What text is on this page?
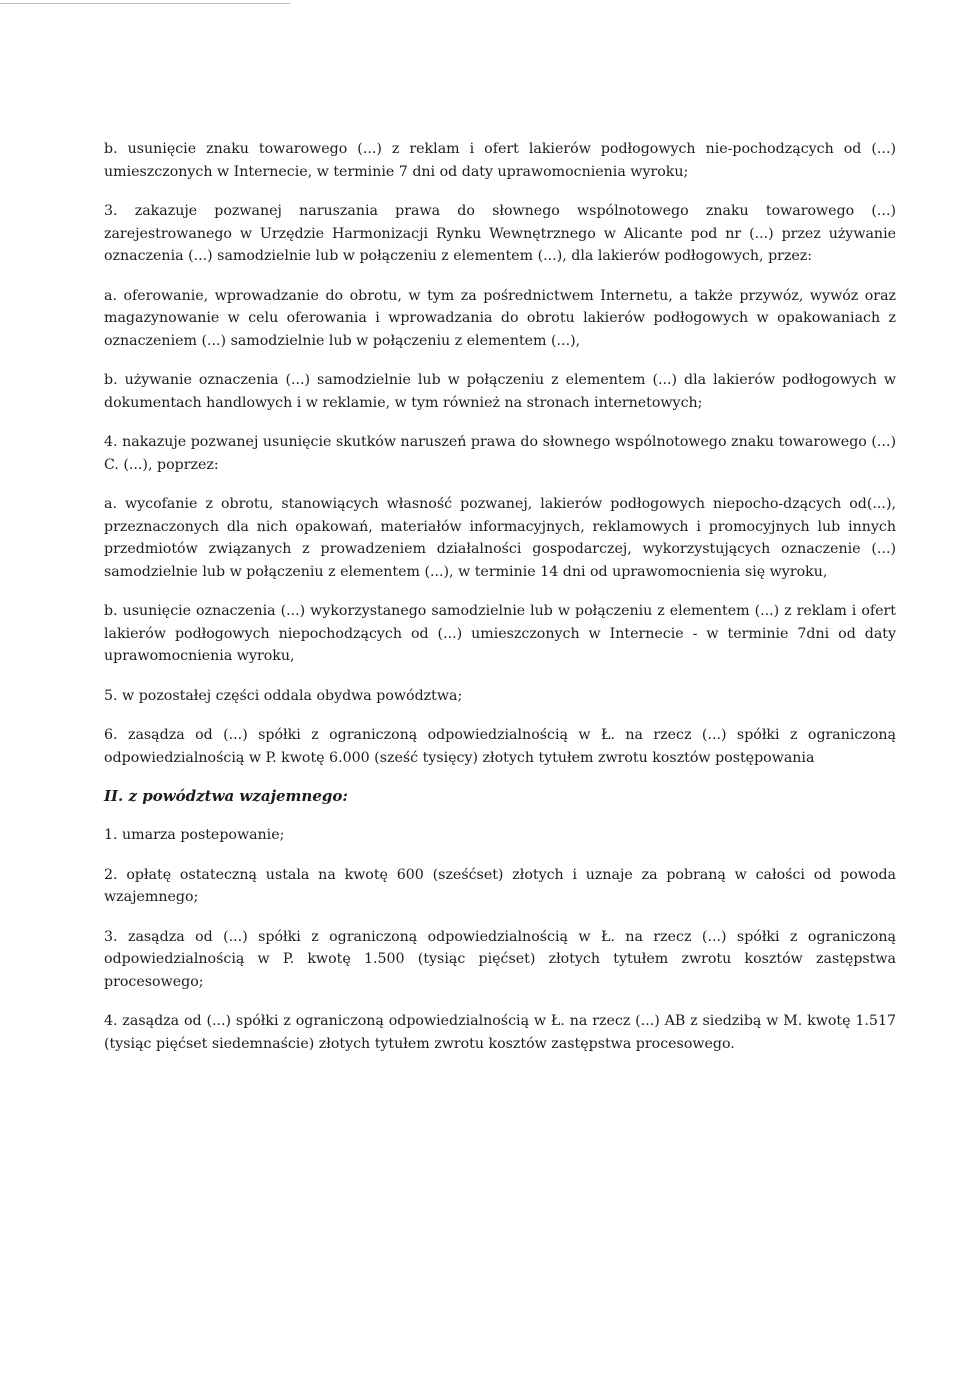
b. usunięcie znaku towarowego (...) z reklam i ofert lakierów podłogowych nie-pochodzących od (...) umieszczonych w Internecie, w terminie 7 dni od daty uprawomocnienia wyroku;

3. zakazuje pozwanej naruszania prawa do słownego wspólnotowego znaku towarowego (...) zarejestrowanego w Urzędzie Harmonizacji Rynku Wewnętrznego w Alicante pod nr (...) przez używanie oznaczenia (...) samodzielnie lub w połączeniu z elementem (...), dla lakierów podłogowych, przez:

a. oferowanie, wprowadzanie do obrotu, w tym za pośrednictwem Internetu, a także przywóz, wywóz oraz magazynowanie w celu oferowania i wprowadzania do obrotu lakierów podłogowych w opakowaniach z oznaczeniem (...) samodzielnie lub w połączeniu z elementem (...),

b. używanie oznaczenia (...) samodzielnie lub w połączeniu z elementem (...) dla lakierów podłogowych w dokumentach handlowych i w reklamie, w tym również na stronach internetowych;

4. nakazuje pozwanej usunięcie skutków naruszeń prawa do słownego wspólnotowego znaku towarowego (...) C. (...), poprzez:

a. wycofanie z obrotu, stanowiących własność pozwanej, lakierów podłogowych niepocho-dzących od(...), przeznaczonych dla nich opakowań, materiałów informacyjnych, reklamowych i promocyjnych lub innych przedmiotów związanych z prowadzeniem działalności gospodarczej, wykorzystujących oznaczenie (...) samodzielnie lub w połączeniu z elementem (...), w terminie 14 dni od uprawomocnienia się wyroku,

b. usunięcie oznaczenia (...) wykorzystanego samodzielnie lub w połączeniu z elementem (...) z reklam i ofert lakierów podłogowych niepochodzących od (...) umieszczonych w Internecie - w terminie 7dni od daty uprawomocnienia wyroku,

5. w pozostałej części oddala obydwa powództwa;

6. zasądza od (...) spółki z ograniczoną odpowiedzialnością w Ł. na rzecz (...) spółki z ograniczoną odpowiedzialnością w P. kwotę 6.000 (sześć tysięcy) złotych tytułem zwrotu kosztów postępowania

II. z powództwa wzajemnego:

1. umarza postepowanie;

2. opłatę ostateczną ustala na kwotę 600 (sześćset) złotych i uznaje za pobraną w całości od powoda wzajemnego;

3. zasądza od (...) spółki z ograniczoną odpowiedzialnością w Ł. na rzecz (...) spółki z ograniczoną odpowiedzialnością w P. kwotę 1.500 (tysiąc pięćset) złotych tytułem zwrotu kosztów zastępstwa procesowego;

4. zasądza od (...) spółki z ograniczoną odpowiedzialnością w Ł. na rzecz (...) AB z siedzibą w M. kwotę 1.517 (tysiąc pięćset siedemnaście) złotych tytułem zwrotu kosztów zastępstwa procesowego.
